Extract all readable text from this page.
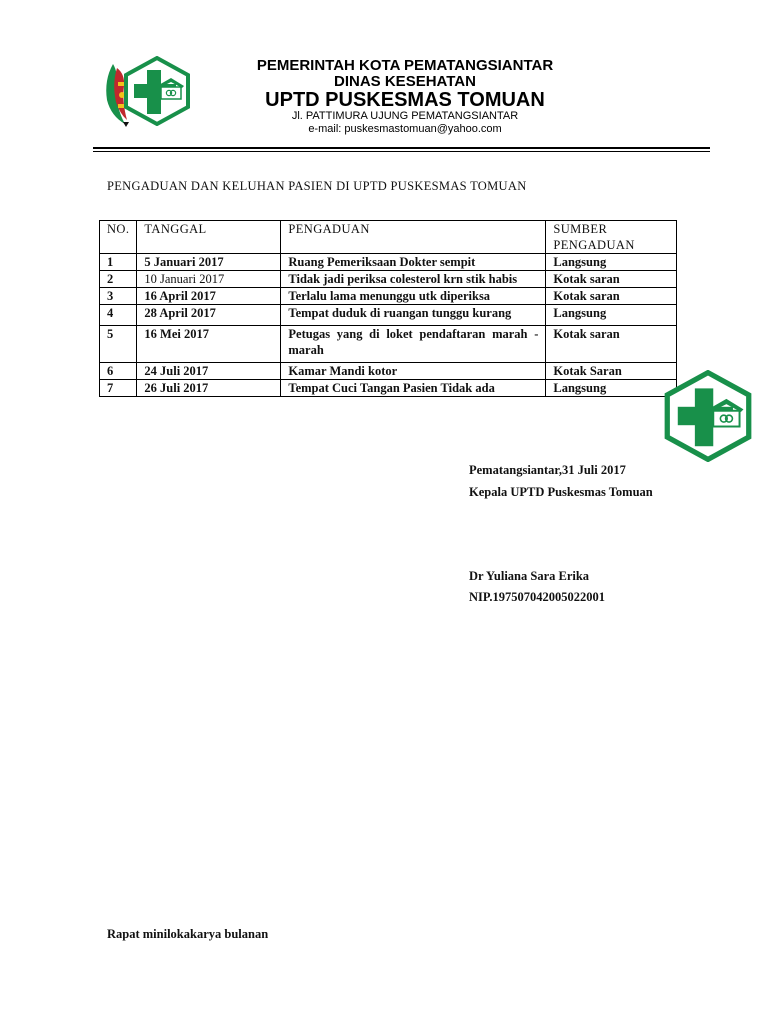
PEMERINTAH KOTA PEMATANGSIANTAR
DINAS KESEHATAN
UPTD PUSKESMAS TOMUAN
Jl. PATTIMURA UJUNG PEMATANGSIANTAR
e-mail: puskesmastomuan@yahoo.com
PENGADUAN DAN KELUHAN PASIEN DI UPTD PUSKESMAS TOMUAN
NO.	TANGGAL	PENGADUAN	SUMBER PENGADUAN
1	5 Januari 2017	Ruang Pemeriksaan Dokter sempit	Langsung
2	10 Januari 2017	Tidak jadi periksa colesterol krn stik habis	Kotak saran
3	16 April 2017	Terlalu lama menunggu utk diperiksa	Kotak saran
4	28 April 2017	Tempat duduk di ruangan tunggu kurang	Langsung
5	16 Mei 2017	Petugas yang di loket pendaftaran marah - marah	Kotak saran
6	24 Juli 2017	Kamar Mandi kotor	Kotak Saran
7	26 Juli 2017	Tempat Cuci Tangan Pasien Tidak ada	Langsung
Pematangsiantar,31 Juli 2017
Kepala UPTD Puskesmas Tomuan
Dr Yuliana Sara Erika
NIP.197507042005022001
Rapat minilokakarya bulanan
